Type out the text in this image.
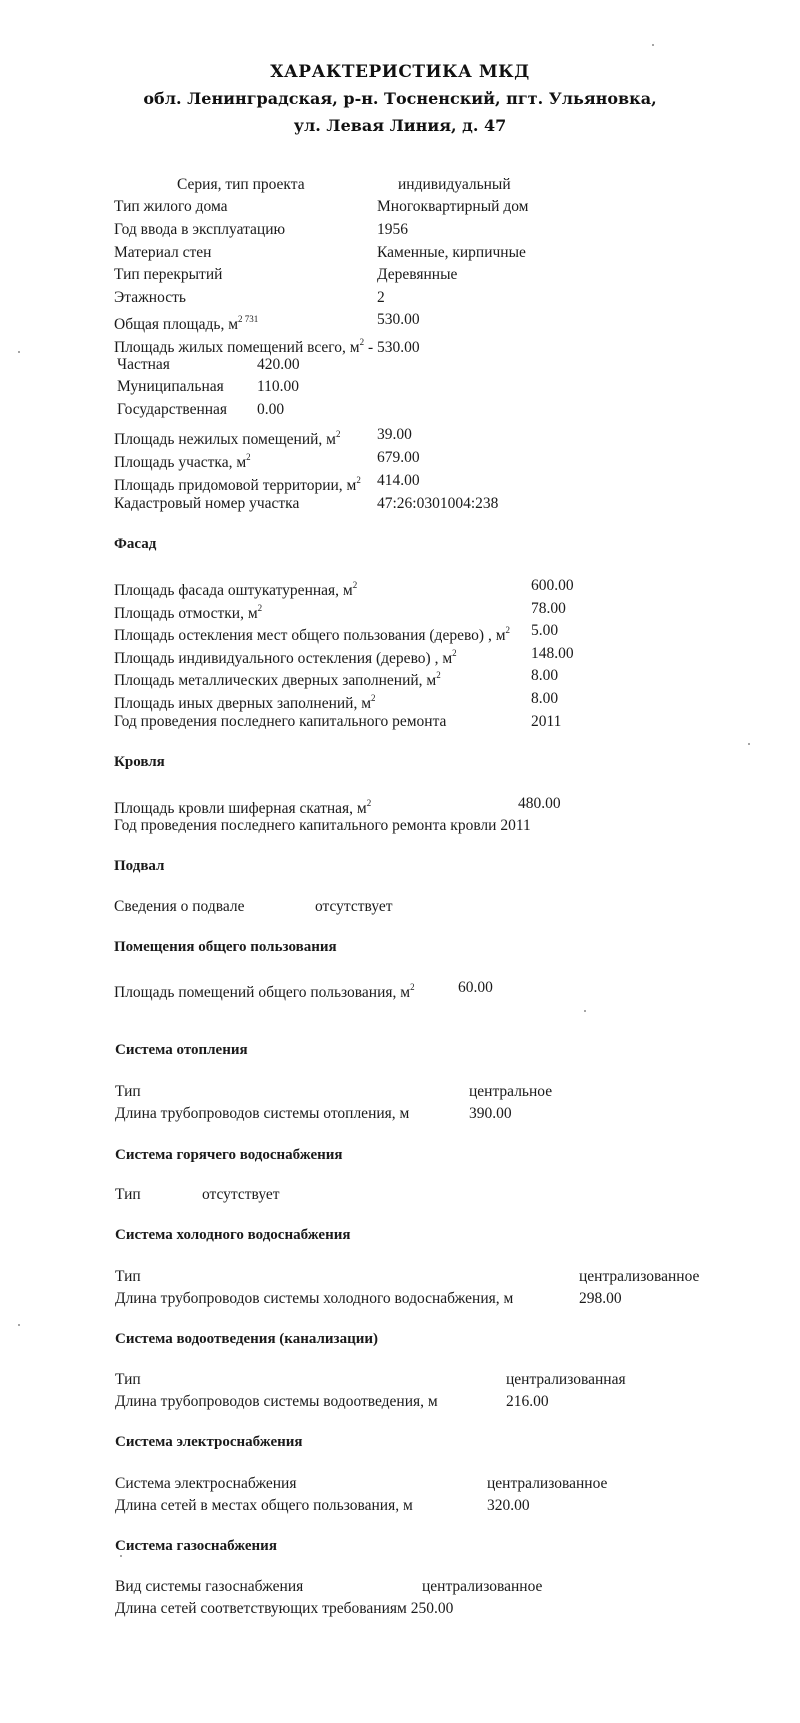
ХАРАКТЕРИСТИКА МКД
обл. Ленинградская, р-н. Тосненский, пгт. Ульяновка,
ул. Левая Линия, д. 47
Серия, тип проекта	индивидуальный
Тип жилого дома	Многоквартирный дом
Год ввода в эксплуатацию	1956
Материал стен	Каменные, кирпичные
Тип перекрытий	Деревянные
Этажность	2
Общая площадь, $м^{2 731}$	530.00
Площадь жилых помещений всего, $м^2 - 530.00$
Частная	420.00
Муниципальная 110.00
Государственная 0.00
Площадь нежилых помещений, $м^2$ 39.00
Площадь участка, $м^2$	679.00
Площадь придомовой территории, $м^2$ 414.00
Кадастровый номер участка	47:26:0301004:238
Фасад
Площадь фасада оштукатуренная, $м^2$	600.00
Площадь отмостки, $м^2$	78.00
Площадь остекления мест общего пользования (дерево) , $м^2$ 5.00
Площадь индивидуального остекления (дерево) , $м^2$	148.00
Площадь металлических дверных заполнений, $м^2$	8.00
Площадь иных дверных заполнений, $м^2$	8.00
Год проведения последнего капитального ремонта	2011
Кровля
Площадь кровли шиферная скатная, $м^2$	480.00
Год проведения последнего капитального ремонта кровли 2011
Подвал
Сведения о подвале	отсутствует
Помещения общего пользования
Площадь помещений общего пользования, $м^2$	60.00
Система отопления
Тип	центральное
Длина трубопроводов системы отопления, м	390.00
Система горячего водоснабжения
Тип	отсутствует
Система холодного водоснабжения
Тип	централизованное
Длина трубопроводов системы холодного водоснабжения, м	298.00
Система водоотведения (канализации)
Тип	централизованная
Длина трубопроводов системы водоотведения, м	216.00
Система электроснабжения
Система электроснабжения	централизованное
Длина сетей в местах общего пользования, м	320.00
Система газоснабжения
Вид системы газоснабжения	централизованное
Длина сетей соответствующих требованиям 250.00
